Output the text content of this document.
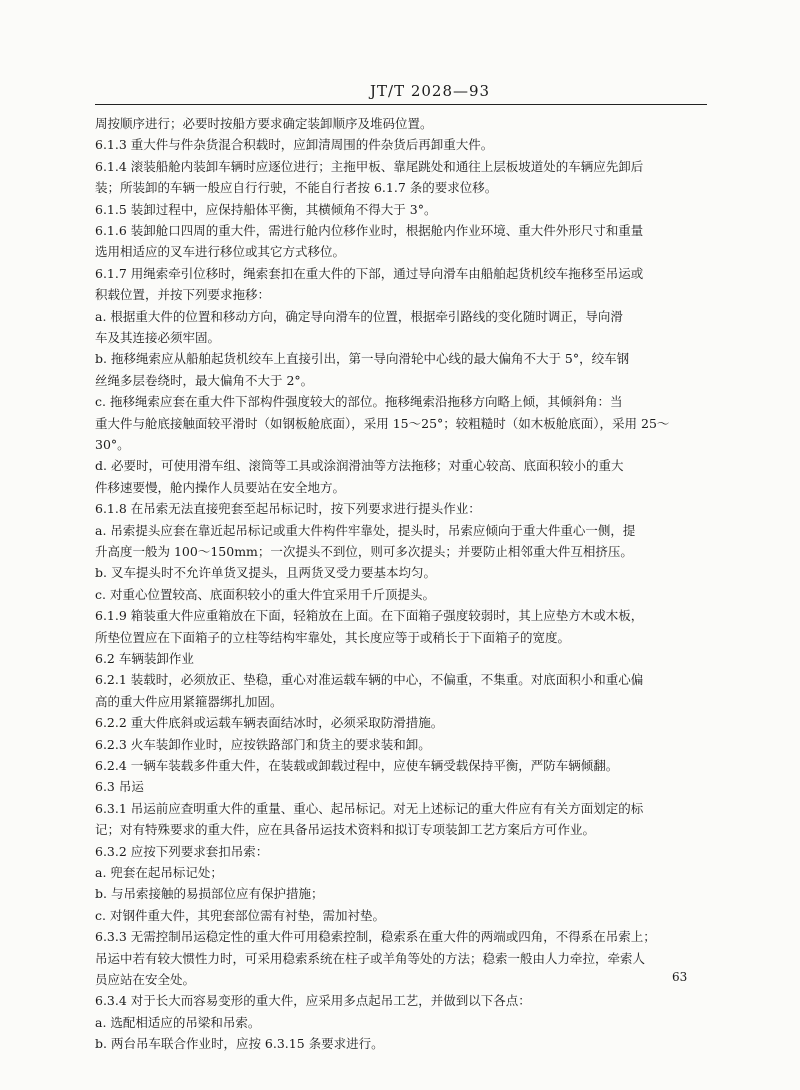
JT/T 2028—93
周按顺序进行；必要时按船方要求确定装卸顺序及堆码位置。
6.1.3 重大件与件杂货混合积载时，应卸清周围的件杂货后再卸重大件。
6.1.4 滚装船舱内装卸车辆时应逐位进行；主拖甲板、靠尾跳处和通往上层板坡道处的车辆应先卸后
装；所装卸的车辆一般应自行行驶，不能自行者按 6.1.7 条的要求位移。
6.1.5 装卸过程中，应保持船体平衡，其横倾角不得大于 3°。
6.1.6 装卸舱口四周的重大件，需进行舱内位移作业时，根据舱内作业环境、重大件外形尺寸和重量
选用相适应的叉车进行移位或其它方式移位。
6.1.7 用绳索牵引位移时，绳索套扣在重大件的下部，通过导向滑车由船舶起货机绞车拖移至吊运或
积载位置，并按下列要求拖移：
a. 根据重大件的位置和移动方向，确定导向滑车的位置，根据牵引路线的变化随时调正，导向滑
车及其连接必须牢固。
b. 拖移绳索应从船舶起货机绞车上直接引出，第一导向滑轮中心线的最大偏角不大于 5°，绞车钢
丝绳多层卷绕时，最大偏角不大于 2°。
c. 拖移绳索应套在重大件下部构件强度较大的部位。拖移绳索沿拖移方向略上倾，其倾斜角：当
重大件与舱底接触面较平滑时（如钢板舱底面），采用 15～25°；较粗糙时（如木板舱底面），采用 25～
30°。
d. 必要时，可使用滑车组、滚筒等工具或涂润滑油等方法拖移；对重心较高、底面积较小的重大
件移速要慢，舱内操作人员要站在安全地方。
6.1.8 在吊索无法直接兜套至起吊标记时，按下列要求进行提头作业：
a. 吊索提头应套在靠近起吊标记或重大件构件牢靠处，提头时，吊索应倾向于重大件重心一侧，提
升高度一般为 100～150mm；一次提头不到位，则可多次提头；并要防止相邻重大件互相挤压。
b. 叉车提头时不允许单货叉提头，且两货叉受力要基本均匀。
c. 对重心位置较高、底面积较小的重大件宜采用千斤顶提头。
6.1.9 箱装重大件应重箱放在下面，轻箱放在上面。在下面箱子强度较弱时，其上应垫方木或木板，
所垫位置应在下面箱子的立柱等结构牢靠处，其长度应等于或稍长于下面箱子的宽度。
6.2 车辆装卸作业
6.2.1 装载时，必须放正、垫稳，重心对准运载车辆的中心，不偏重，不集重。对底面积小和重心偏
高的重大件应用紧箍器绑扎加固。
6.2.2 重大件底斜或运载车辆表面结冰时，必须采取防滑措施。
6.2.3 火车装卸作业时，应按铁路部门和货主的要求装和卸。
6.2.4 一辆车装载多件重大件，在装载或卸载过程中，应使车辆受载保持平衡，严防车辆倾翻。
6.3 吊运
6.3.1 吊运前应查明重大件的重量、重心、起吊标记。对无上述标记的重大件应有有关方面划定的标
记；对有特殊要求的重大件，应在具备吊运技术资料和拟订专项装卸工艺方案后方可作业。
6.3.2 应按下列要求套扣吊索：
a. 兜套在起吊标记处；
b. 与吊索接触的易损部位应有保护措施；
c. 对钢件重大件，其兜套部位需有衬垫，需加衬垫。
6.3.3 无需控制吊运稳定性的重大件可用稳索控制，稳索系在重大件的两端或四角，不得系在吊索上；
吊运中若有较大惯性力时，可采用稳索系统在柱子或羊角等处的方法；稳索一般由人力牵拉，牵索人
员应站在安全处。
6.3.4 对于长大而容易变形的重大件，应采用多点起吊工艺，并做到以下各点：
a. 选配相适应的吊梁和吊索。
b. 两台吊车联合作业时，应按 6.3.15 条要求进行。
63
